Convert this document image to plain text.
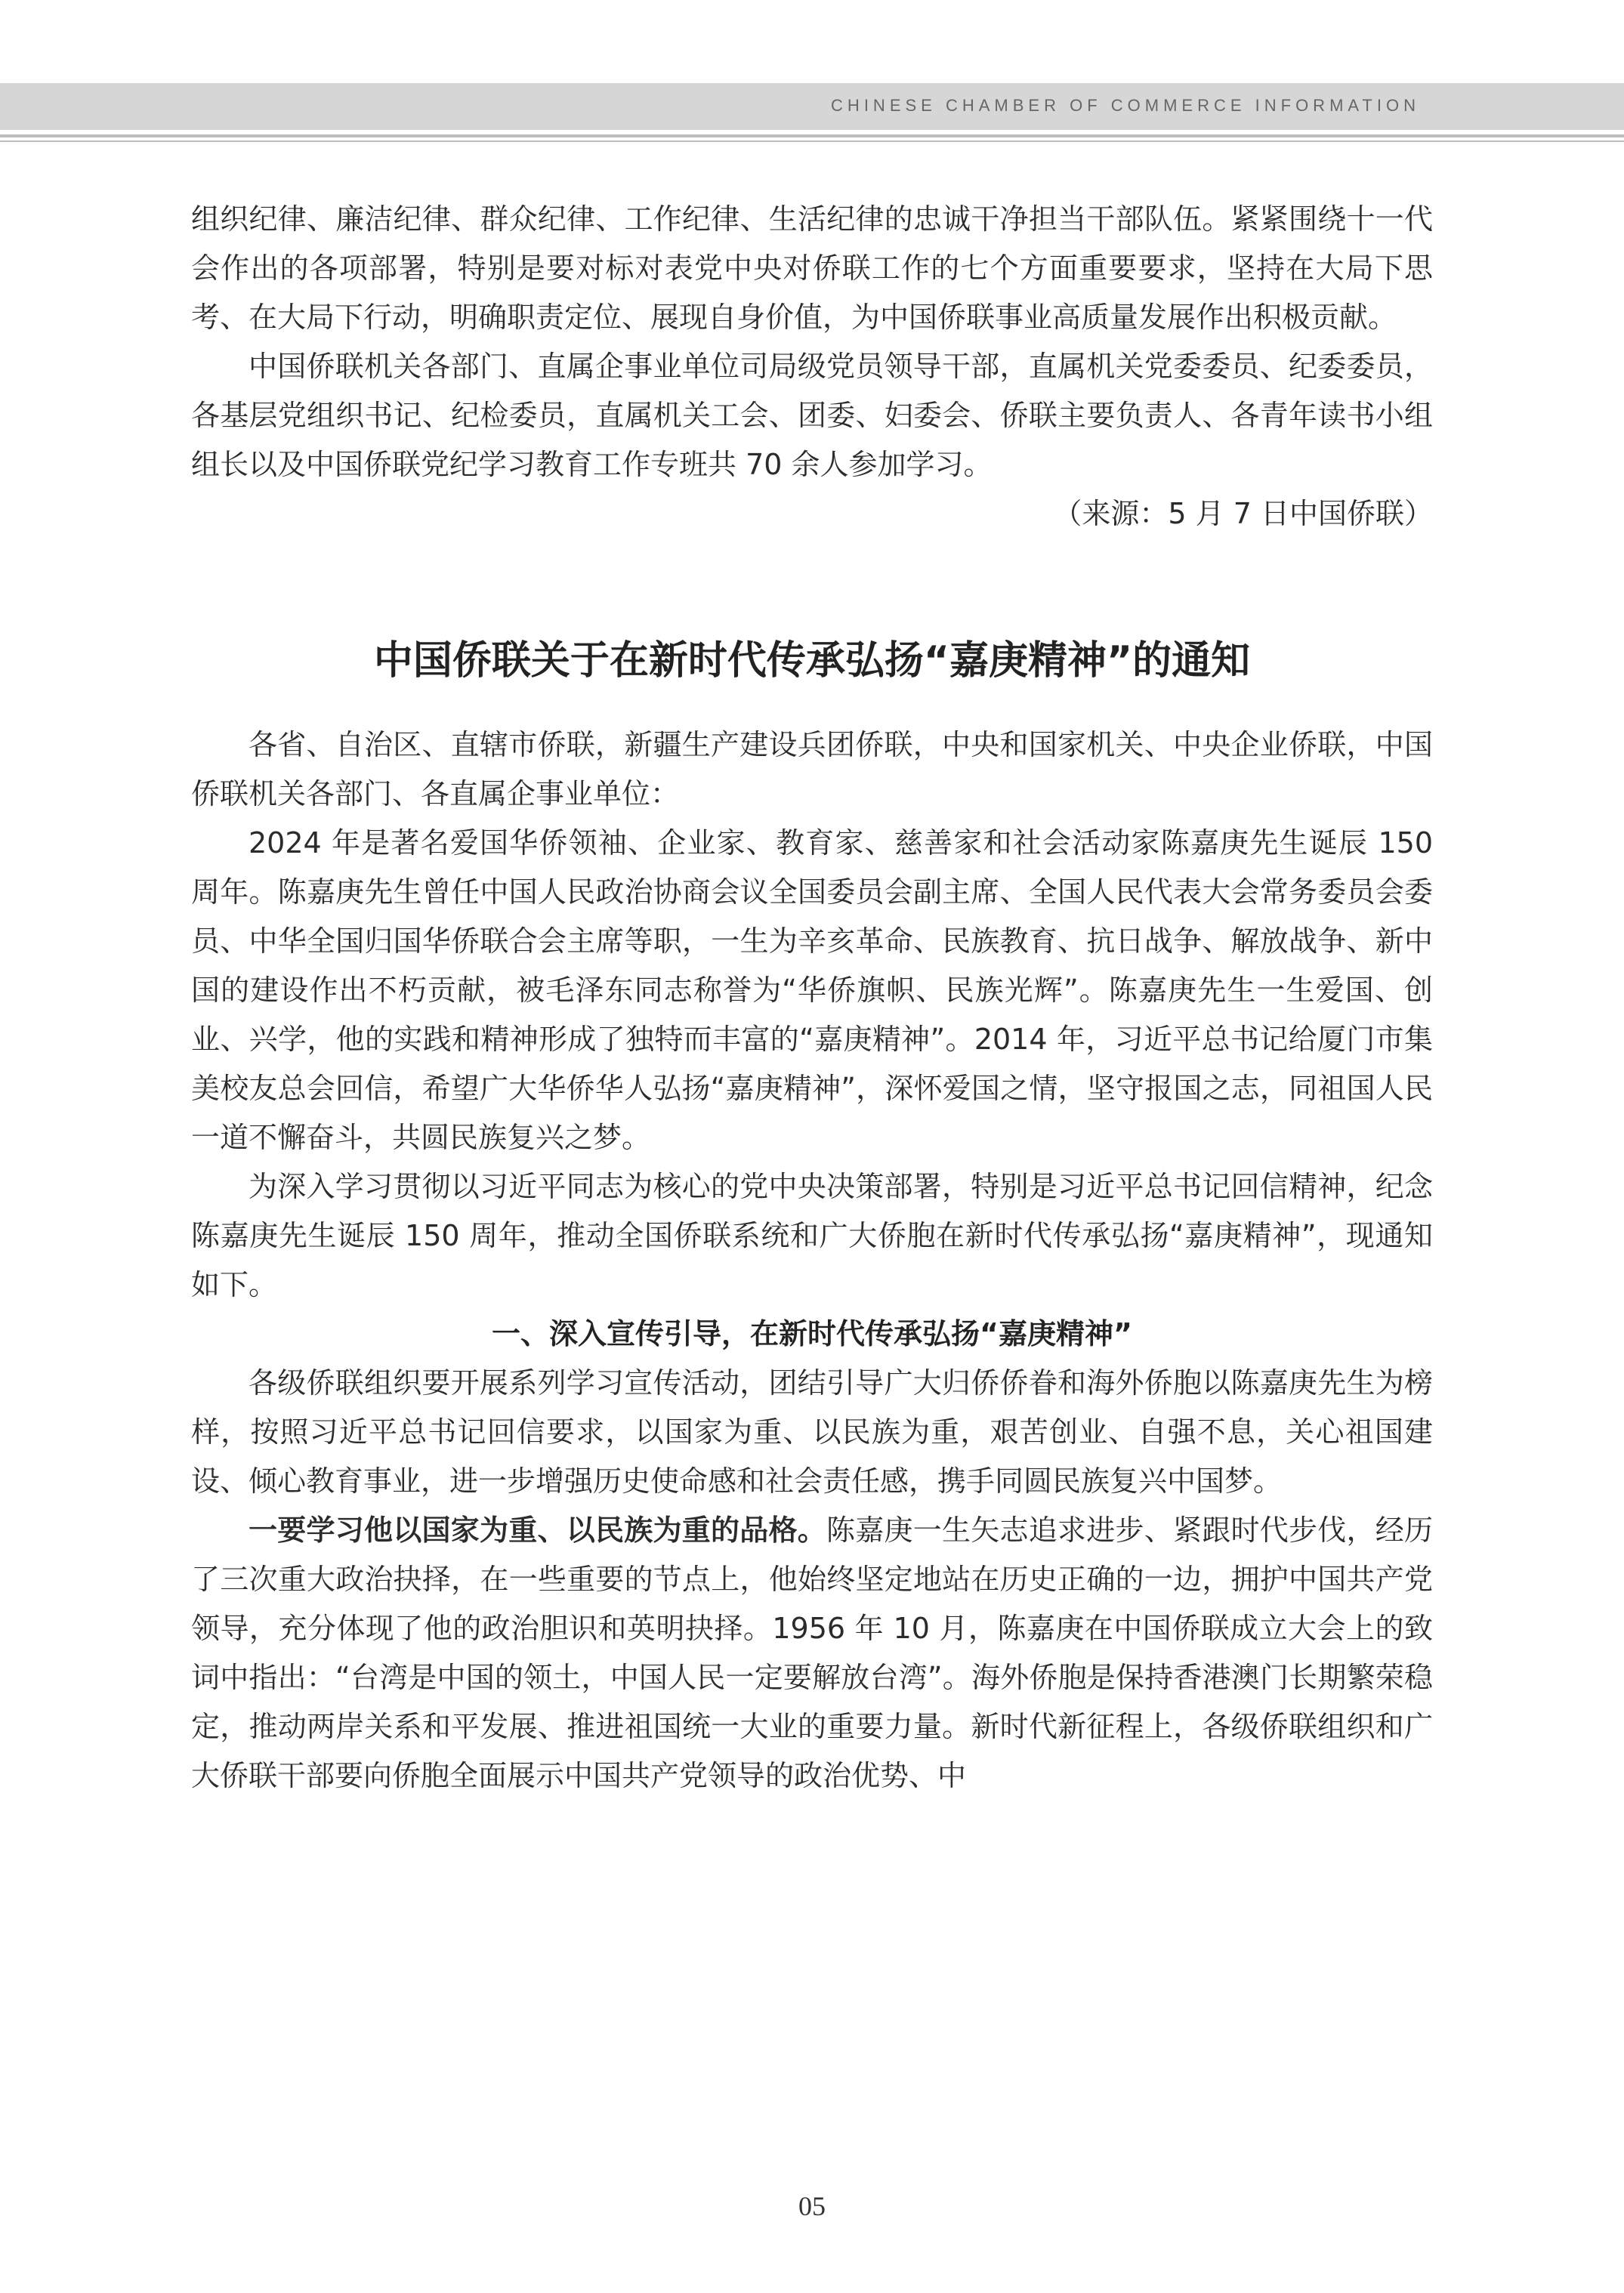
CHINESE CHAMBER OF COMMERCE INFORMATION

组织纪律、廉洁纪律、群众纪律、工作纪律、生活纪律的忠诚干净担当干部队伍。紧紧围绕十一代会作出的各项部署，特别是要对标对表党中央对侨联工作的七个方面重要要求，坚持在大局下思考、在大局下行动，明确职责定位、展现自身价值，为中国侨联事业高质量发展作出积极贡献。

中国侨联机关各部门、直属企事业单位司局级党员领导干部，直属机关党委委员、纪委委员，各基层党组织书记、纪检委员，直属机关工会、团委、妇委会、侨联主要负责人、各青年读书小组组长以及中国侨联党纪学习教育工作专班共 70 余人参加学习。

（来源：5 月 7 日中国侨联）

中国侨联关于在新时代传承弘扬“嘉庚精神”的通知

各省、自治区、直辖市侨联，新疆生产建设兵团侨联，中央和国家机关、中央企业侨联，中国侨联机关各部门、各直属企事业单位：

2024 年是著名爱国华侨领袖、企业家、教育家、慈善家和社会活动家陈嘉庚先生诞辰 150 周年。陈嘉庚先生曾任中国人民政治协商会议全国委员会副主席、全国人民代表大会常务委员会委员、中华全国归国华侨联合会主席等职，一生为辛亥革命、民族教育、抗日战争、解放战争、新中国的建设作出不朽贡献，被毛泽东同志称誉为“华侨旗帜、民族光辉”。陈嘉庚先生一生爱国、创业、兴学，他的实践和精神形成了独特而丰富的“嘉庚精神”。2014 年，习近平总书记给厦门市集美校友总会回信，希望广大华侨华人弘扬“嘉庚精神”，深怀爱国之情，坚守报国之志，同祖国人民一道不懈奋斗，共圆民族复兴之梦。

为深入学习贯彻以习近平同志为核心的党中央决策部署，特别是习近平总书记回信精神，纪念陈嘉庚先生诞辰 150 周年，推动全国侨联系统和广大侨胞在新时代传承弘扬“嘉庚精神”，现通知如下。

一、深入宣传引导，在新时代传承弘扬“嘉庚精神”

各级侨联组织要开展系列学习宣传活动，团结引导广大归侨侨眷和海外侨胞以陈嘉庚先生为榜样，按照习近平总书记回信要求，以国家为重、以民族为重，艰苦创业、自强不息，关心祖国建设、倾心教育事业，进一步增强历史使命感和社会责任感，携手同圆民族复兴中国梦。

一要学习他以国家为重、以民族为重的品格。陈嘉庚一生矢志追求进步、紧跟时代步伐，经历了三次重大政治抉择，在一些重要的节点上，他始终坚定地站在历史正确的一边，拥护中国共产党领导，充分体现了他的政治胆识和英明抉择。1956 年 10 月，陈嘉庚在中国侨联成立大会上的致词中指出：“台湾是中国的领土，中国人民一定要解放台湾”。海外侨胞是保持香港澳门长期繁荣稳定，推动两岸关系和平发展、推进祖国统一大业的重要力量。新时代新征程上，各级侨联组织和广大侨联干部要向侨胞全面展示中国共产党领导的政治优势、中

05
